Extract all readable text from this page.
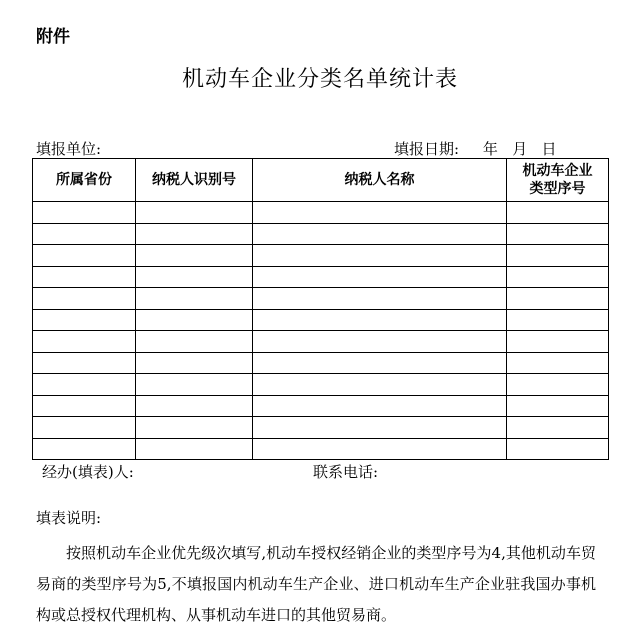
附件
机动车企业分类名单统计表
填报单位:	填报日期:     年   月   日
所属省份	纳税人识别号	纳税人名称	机动车企业类型序号

经办(填表)人:	联系电话:
填表说明:
按照机动车企业优先级次填写,机动车授权经销企业的类型序号为4,其他机动车贸易商的类型序号为5,不填报国内机动车生产企业、进口机动车生产企业驻我国办事机构或总授权代理机构、从事机动车进口的其他贸易商。
